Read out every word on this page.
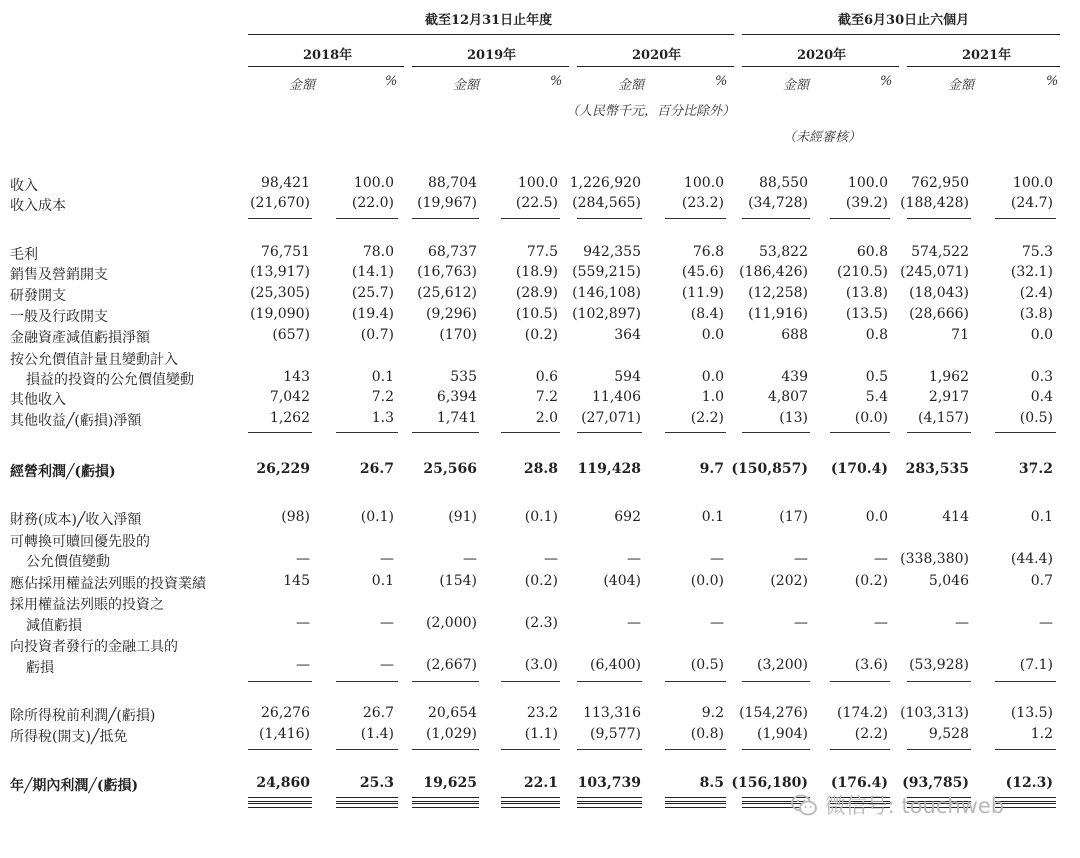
截至12月31日止年度	截至6月30日止六個月
2018年	2019年	2020年	2020年	2021年
金額	%	金額	%	金額	%	金額	%	金額	%
（人民幣千元，百分比除外）
（未經審核）
收入	98,421	100.0 88,704	100.0 1,226,920	100.0	88,550	100.0 762,950	100.0
收入成本	(21,670)	(22.0) (19,967)	(22.5) (284,565)	(23.2) (34,728)	(39.2) (188,428)	(24.7)
毛利	76,751	78.0 68,737	77.5 942,355	76.8	53,822	60.8 574,522	75.3
銷售及營銷開支	(13,917)	(14.1) (16,763)	(18.9) (559,215)	(45.6) (186,426) (210.5) (245,071)	(32.1)
研發開支	(25,305)	(25.7) (25,612)	(28.9) (146,108)	(11.9) (12,258)	(13.8) (18,043)	(2.4)
一般及行政開支	(19,090)	(19.4) (9,296)	(10.5) (102,897)	(8.4) (11,916)	(13.5) (28,666)	(3.8)
金融資產減值虧損淨額	(657)	(0.7)	(170)	(0.2)	364	0.0	688	0.8	71	0.0
按公允價值計量且變動計入
損益的投資的公允價值變動	143	0.1	535	0.6	594	0.0	439	0.5	1,962	0.3
其他收入	7,042	7.2	6,394	7.2 11,406	1.0	4,807	5.4	2,917	0.4
其他收益╱(虧損)淨額	1,262	1.3	1,741	2.0 (27,071)	(2.2)	(13)	(0.0) (4,157)	(0.5)
經營利潤╱(虧損)	26,229	26.7 25,566	28.8 119,428	9.7 (150,857) (170.4) 283,535	37.2
財務(成本)╱收入淨額	(98)	(0.1)	(91)	(0.1)	692	0.1	(17)	0.0	414	0.1
可轉換可贖回優先股的
公允價值變動	—	—	—	—	—	—	—	— (338,380)	(44.4)
應佔採用權益法列賬的投資業績	145	0.1	(154)	(0.2)	(404)	(0.0)	(202)	(0.2)	5,046	0.7
採用權益法列賬的投資之
減值虧損	—	— (2,000)	(2.3)	—	—	—	—	—	—
向投資者發行的金融工具的
虧損	—	— (2,667)	(3.0) (6,400)	(0.5) (3,200)	(3.6) (53,928)	(7.1)
除所得稅前利潤╱(虧損)	26,276	26.7 20,654	23.2 113,316	9.2 (154,276) (174.2) (103,313)	(13.5)
所得稅(開支)╱抵免	(1,416)	(1.4) (1,029)	(1.1) (9,577)	(0.8) (1,904)	(2.2)	9,528	1.2
年╱期內利潤╱(虧損)	24,860	25.3 19,625	22.1 103,739	8.5 (156,180) (176.4) (93,785)	(12.3)
微信号: touchweb
